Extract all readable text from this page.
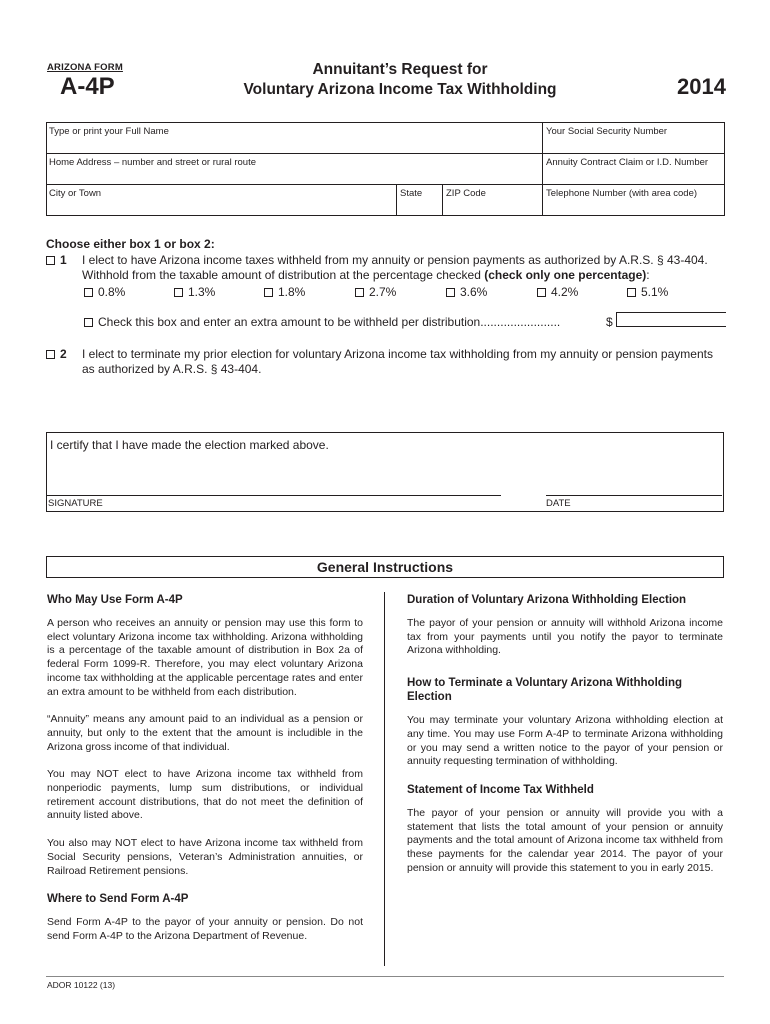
ARIZONA FORM
A-4P
Annuitant’s Request for
Voluntary Arizona Income Tax Withholding	2014
Type or print your Full Name	Your Social Security Number
Home Address – number and street or rural route	Annuity Contract Claim or I.D. Number
City or Town	State	ZIP Code	Telephone Number (with area code)
Choose either box 1 or box 2:
1 I elect to have Arizona income taxes withheld from my annuity or pension payments as authorized by A.R.S. § 43-404.
Withhold from the taxable amount of distribution at the percentage checked (check only one percentage):
0.8%	1.3%	1.8%	2.7%	3.6%	4.2%	5.1%
Check this box and enter an extra amount to be withheld per distribution........................	$
2 I elect to terminate my prior election for voluntary Arizona income tax withholding from my annuity or pension payments
as authorized by A.R.S. § 43-404.
I certify that I have made the election marked above.
SIGNATURE	DATE
General Instructions
Who May Use Form A-4P

A person who receives an annuity or pension may use this form to elect voluntary Arizona income tax withholding. Arizona withholding is a percentage of the taxable amount of distribution in Box 2a of federal Form 1099-R. Therefore, you may elect voluntary Arizona income tax withholding at the applicable percentage rates and enter an extra amount to be withheld from each distribution.

“Annuity” means any amount paid to an individual as a pension or annuity, but only to the extent that the amount is includible in the Arizona gross income of that individual.

You may NOT elect to have Arizona income tax withheld from nonperiodic payments, lump sum distributions, or individual retirement account distributions, that do not meet the definition of annuity listed above.

You also may NOT elect to have Arizona income tax withheld from Social Security pensions, Veteran’s Administration annuities, or Railroad Retirement pensions.

Where to Send Form A-4P

Send Form A-4P to the payor of your annuity or pension. Do not send Form A-4P to the Arizona Department of Revenue.

Duration of Voluntary Arizona Withholding Election

The payor of your pension or annuity will withhold Arizona income tax from your payments until you notify the payor to terminate Arizona withholding.

How to Terminate a Voluntary Arizona Withholding Election

You may terminate your voluntary Arizona withholding election at any time. You may use Form A-4P to terminate Arizona withholding or you may send a written notice to the payor of your pension or annuity requesting termination of withholding.

Statement of Income Tax Withheld

The payor of your pension or annuity will provide you with a statement that lists the total amount of your pension or annuity payments and the total amount of Arizona income tax withheld from these payments for the calendar year 2014. The payor of your pension or annuity will provide this statement to you in early 2015.

ADOR 10122 (13)
